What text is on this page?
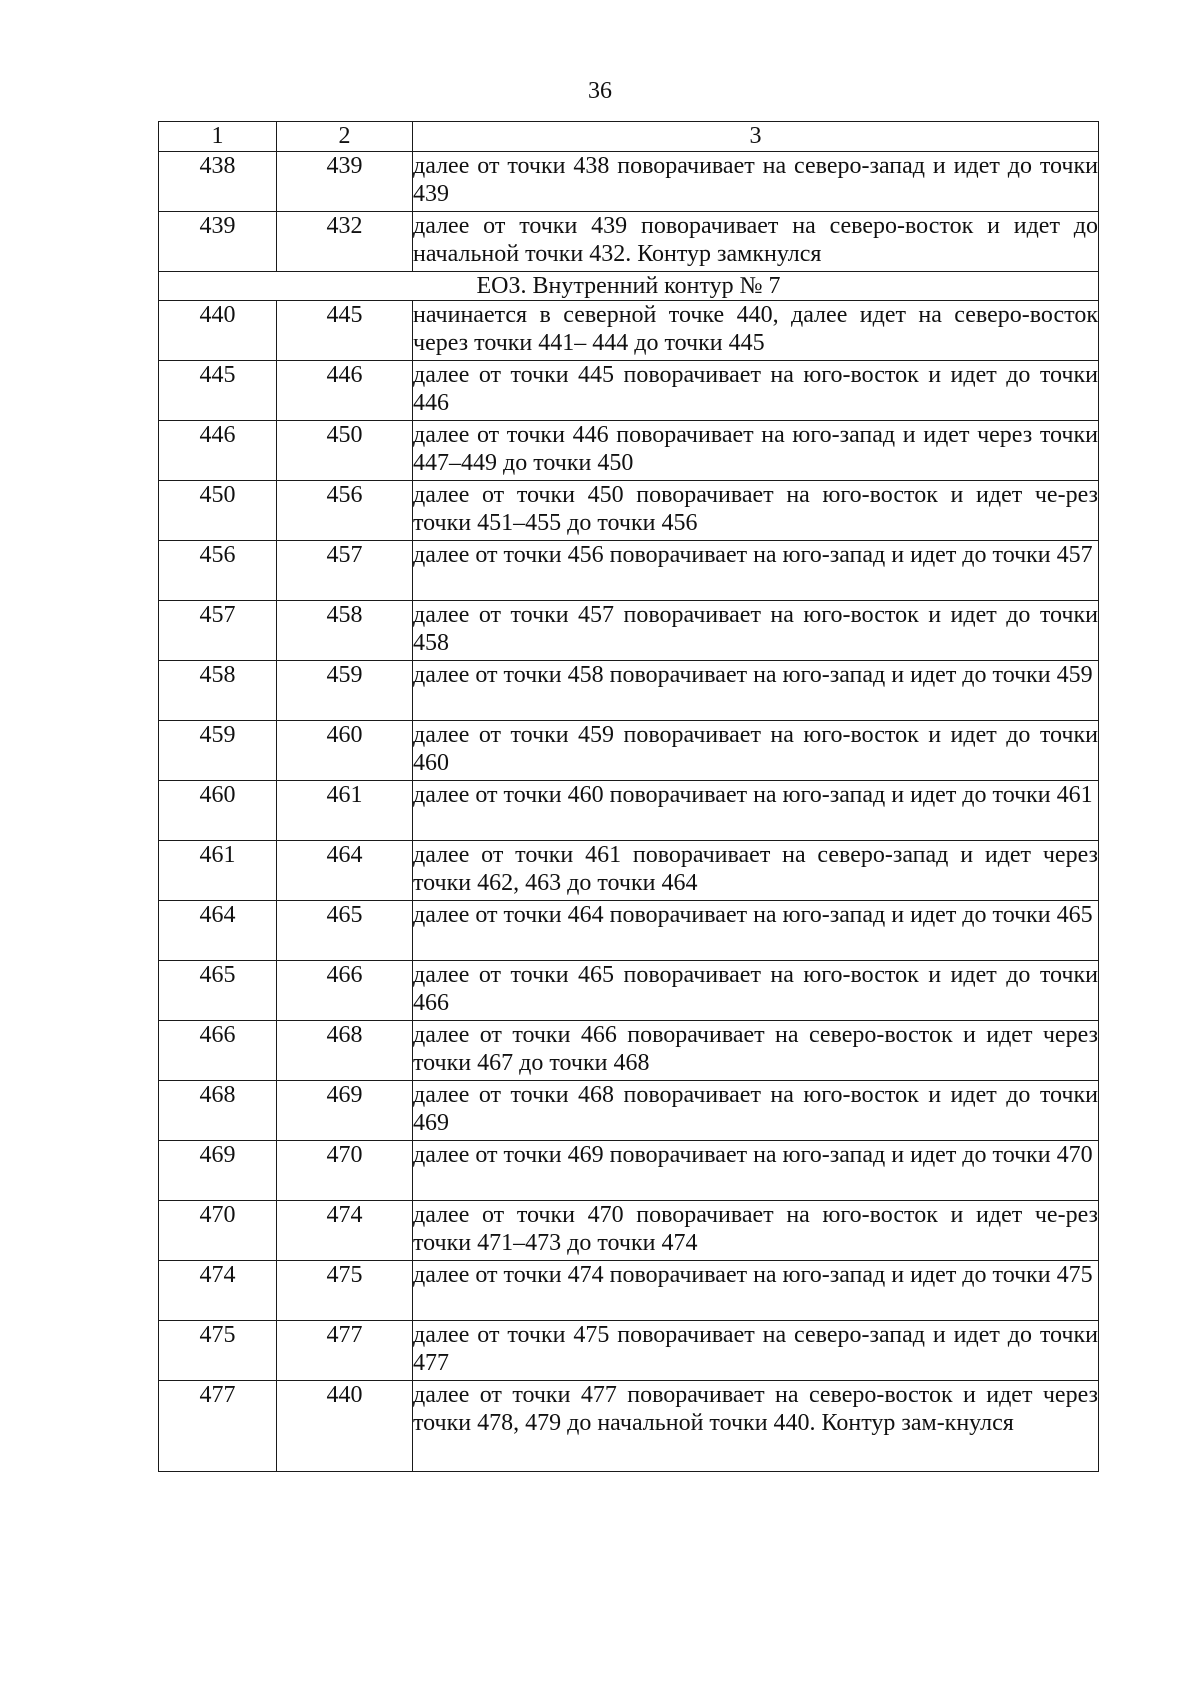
36
1	2	3
438	439	далее от точки 438 поворачивает на северо-запад и идет до точки 439
439	432	далее от точки 439 поворачивает на северо-восток и идет до начальной точки 432. Контур замкнулся
ЕОЗ. Внутренний контур № 7		
440	445	начинается в северной точке 440, далее идет на северо-восток через точки 441– 444 до точки 445
445	446	далее от точки 445 поворачивает на юго-восток и идет до точки 446
446	450	далее от точки 446 поворачивает на юго-запад и идет через точки 447–449 до точки 450
450	456	далее от точки 450 поворачивает на юго-восток и идет че-рез точки 451–455 до точки 456
456	457	далее от точки 456 поворачивает на юго-запад и идет до точки 457
457	458	далее от точки 457 поворачивает на юго-восток и идет до точки 458
458	459	далее от точки 458 поворачивает на юго-запад и идет до точки 459
459	460	далее от точки 459 поворачивает на юго-восток и идет до точки 460
460	461	далее от точки 460 поворачивает на юго-запад и идет до точки 461
461	464	далее от точки 461 поворачивает на северо-запад и идет через точки 462, 463 до точки 464
464	465	далее от точки 464 поворачивает на юго-запад и идет до точки 465
465	466	далее от точки 465 поворачивает на юго-восток и идет до точки 466
466	468	далее от точки 466 поворачивает на северо-восток и идет через точки 467 до точки 468
468	469	далее от точки 468 поворачивает на юго-восток и идет до точки 469
469	470	далее от точки 469 поворачивает на юго-запад и идет до точки 470
470	474	далее от точки 470 поворачивает на юго-восток и идет че-рез точки 471–473 до точки 474
474	475	далее от точки 474 поворачивает на юго-запад и идет до точки 475
475	477	далее от точки 475 поворачивает на северо-запад и идет до точки 477
477	440	далее от точки 477 поворачивает на северо-восток и идет через точки 478, 479 до начальной точки 440. Контур зам-кнулся
